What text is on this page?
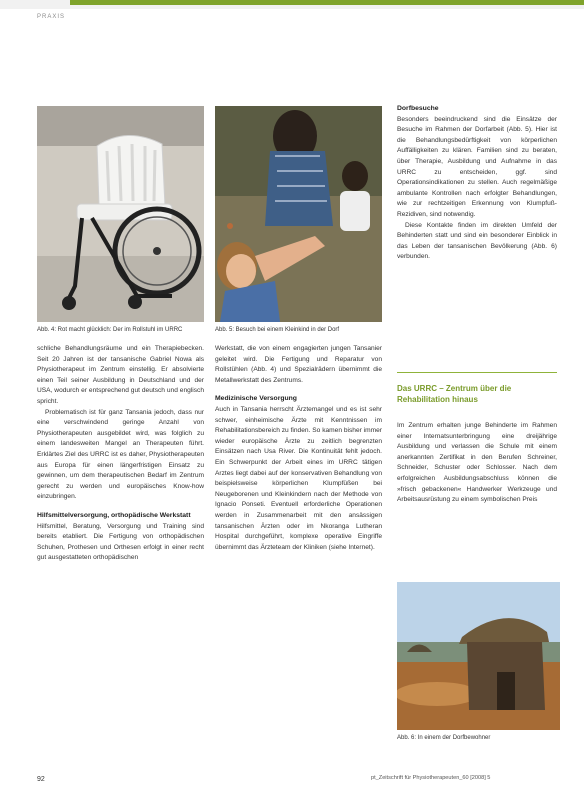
PRAXIS
Abb. 4: Rot macht glücklich: Der im Rollstuhl im URRC	Abb. 5: Besuch bei einem Kleinkind in der Dorf

schliche Behandlungsräume und ein Therapiebecken. Seit 20 Jahren ist der tansanische Gabriel Nowa als Physiotherapeut im Zentrum einstellig. Er absolvierte einen Teil seiner Ausbildung in Deutschland und der USA, wodurch er entsprechend gut deutsch und englisch spricht.

Problematisch ist für ganz Tansania jedoch, dass nur eine verschwindend geringe Anzahl von Physiotherapeuten ausgebildet wird, was folglich zu einem landesweiten Mangel an Therapeuten führt. Erklärtes Ziel des URRC ist es daher, Physiotherapeuten aus Europa für einen längerfristigen Einsatz zu gewinnen, um dem therapeutischen Bedarf im Zentrum gerecht zu werden und europäisches Know-how einzubringen.

Hilfsmittelversorgung, orthopädische Werkstatt

Hilfsmittel, Beratung, Versorgung und Training sind bereits etabliert. Die Fertigung von orthopädischen Schuhen, Prothesen und Orthesen erfolgt in einer recht gut ausgestatteten orthopädischen

Werkstatt, die von einem engagierten jungen Tansanier geleitet wird. Die Fertigung und Reparatur von Rollstühlen (Abb. 4) und Spezialrädern übernimmt die Metallwerkstatt des Zentrums.

Medizinische Versorgung

Auch in Tansania herrscht Ärztemangel und es ist sehr schwer, einheimische Ärzte mit Kenntnissen im Rehabilitationsbereich zu finden. So kamen bisher immer wieder europäische Ärzte zu zeitlich begrenzten Einsätzen nach Usa River. Die Kontinuität fehlt jedoch. Ein Schwerpunkt der Arbeit eines im URRC tätigen Arztes liegt dabei auf der konservativen Behandlung von beispielsweise körperlichen Klumpfüßen bei Neugeborenen und Kleinkindern nach der Methode von Ignacio Ponseti. Eventuell erforderliche Operationen werden in Zusammenarbeit mit den ansässigen tansanischen Ärzten oder im Nkoranga Lutheran Hospital durchgeführt, komplexe operative Eingriffe übernimmt das Ärzteteam der Kliniken (siehe Internet).

Dorfbesuche

Besonders beeindruckend sind die Einsätze der Besuche im Rahmen der Dorfarbeit (Abb. 5). Hier ist die Behandlungsbedürftigkeit von körperlichen Auffälligkeiten zu klären. Familien sind zu beraten, über Therapie, Ausbildung und Aufnahme in das URRC zu entscheiden, ggf. sind Operationsindikationen zu stellen. Auch regelmäßige ambulante Kontrollen nach erfolgter Behandlungen, wie zur rechtzeitigen Erkennung von Klumpfuß-Rezidiven, sind notwendig.

Diese Kontakte finden im direkten Umfeld der Behinderten statt und sind ein besonderer Einblick in das Leben der tansanischen Bevölkerung (Abb. 6) verbunden.

Das URRC – Zentrum über die Rehabilitation hinaus

Im Zentrum erhalten junge Behinderte im Rahmen einer Internatsunterbringung eine dreijährige Ausbildung und verlassen die Schule mit einem anerkannten Zertifikat in den Berufen Schreiner, Schneider, Schuster oder Schlosser. Nach dem erfolgreichen Ausbildungsabschluss können die »frisch gebackenen« Handwerker Werkzeuge und Arbeitsausrüstung zu einem symbolischen Preis

Abb. 6: In einem der Dorfbewohner
92	pt_Zeitschrift für Physiotherapeuten_60 [2008] 5
